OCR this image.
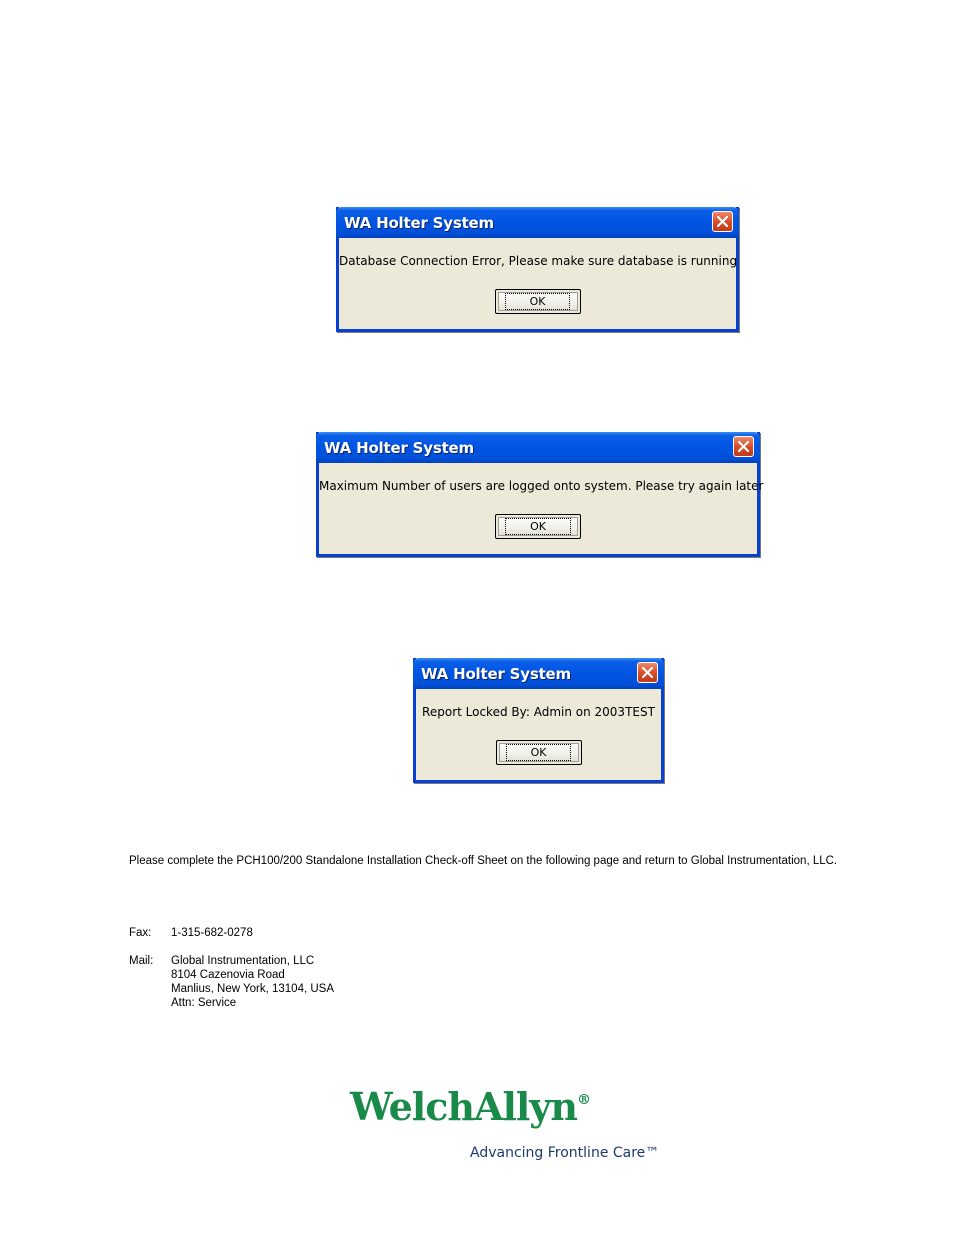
WA Holter System
Database Connection Error, Please make sure database is running
OK
WA Holter System
Maximum Number of users are logged onto system. Please try again later
OK
WA Holter System
Report Locked By: Admin on 2003TEST
OK
Please complete the PCH100/200 Standalone Installation Check-off Sheet on the following page and return to Global Instrumentation, LLC.
Fax: 1-315-682-0278
Mail: Global Instrumentation, LLC
8104 Cazenovia Road
Manlius, New York, 13104, USA
Attn: Service
WelchAllyn®
Advancing Frontline Care™
